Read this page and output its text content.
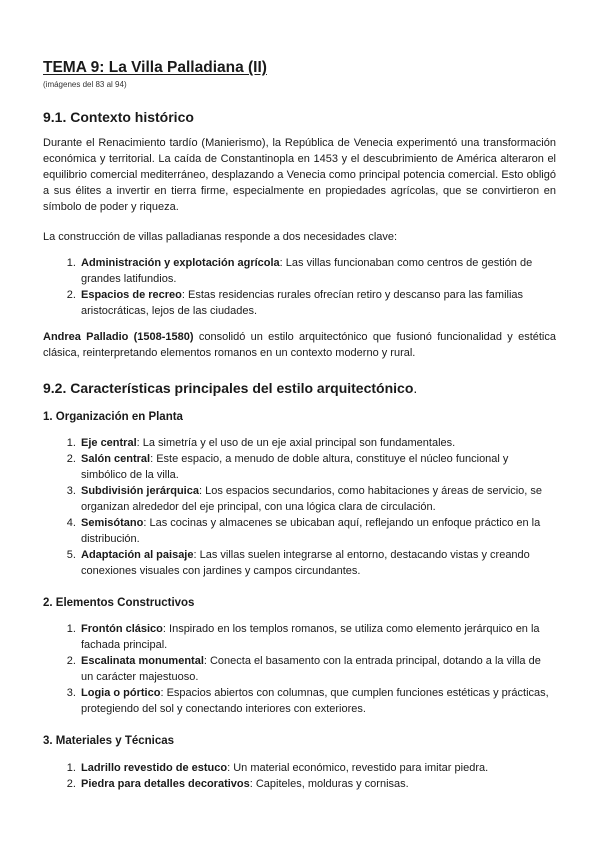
TEMA 9: La Villa Palladiana (II)
(imágenes del 83 al 94)
9.1. Contexto histórico

Durante el Renacimiento tardío (Manierismo), la República de Venecia experimentó una transformación económica y territorial. La caída de Constantinopla en 1453 y el descubrimiento de América alteraron el equilibrio comercial mediterráneo, desplazando a Venecia como principal potencia comercial. Esto obligó a sus élites a invertir en tierra firme, especialmente en propiedades agrícolas, que se convirtieron en símbolo de poder y riqueza.

La construcción de villas palladianas responde a dos necesidades clave:

1. Administración y explotación agrícola: Las villas funcionaban como centros de gestión de grandes latifundios.
2. Espacios de recreo: Estas residencias rurales ofrecían retiro y descanso para las familias aristocráticas, lejos de las ciudades.

Andrea Palladio (1508-1580) consolidó un estilo arquitectónico que fusionó funcionalidad y estética clásica, reinterpretando elementos romanos en un contexto moderno y rural.

9.2. Características principales del estilo arquitectónico.
1. Organización en Planta
1. Eje central: La simetría y el uso de un eje axial principal son fundamentales.
2. Salón central: Este espacio, a menudo de doble altura, constituye el núcleo funcional y simbólico de la villa.
3. Subdivisión jerárquica: Los espacios secundarios, como habitaciones y áreas de servicio, se organizan alrededor del eje principal, con una lógica clara de circulación.
4. Semisótano: Las cocinas y almacenes se ubicaban aquí, reflejando un enfoque práctico en la distribución.
5. Adaptación al paisaje: Las villas suelen integrarse al entorno, destacando vistas y creando conexiones visuales con jardines y campos circundantes.
2. Elementos Constructivos
1. Frontón clásico: Inspirado en los templos romanos, se utiliza como elemento jerárquico en la fachada principal.
2. Escalinata monumental: Conecta el basamento con la entrada principal, dotando a la villa de un carácter majestuoso.
3. Logia o pórtico: Espacios abiertos con columnas, que cumplen funciones estéticas y prácticas, protegiendo del sol y conectando interiores con exteriores.
3. Materiales y Técnicas
1. Ladrillo revestido de estuco: Un material económico, revestido para imitar piedra.
2. Piedra para detalles decorativos: Capiteles, molduras y cornisas.
